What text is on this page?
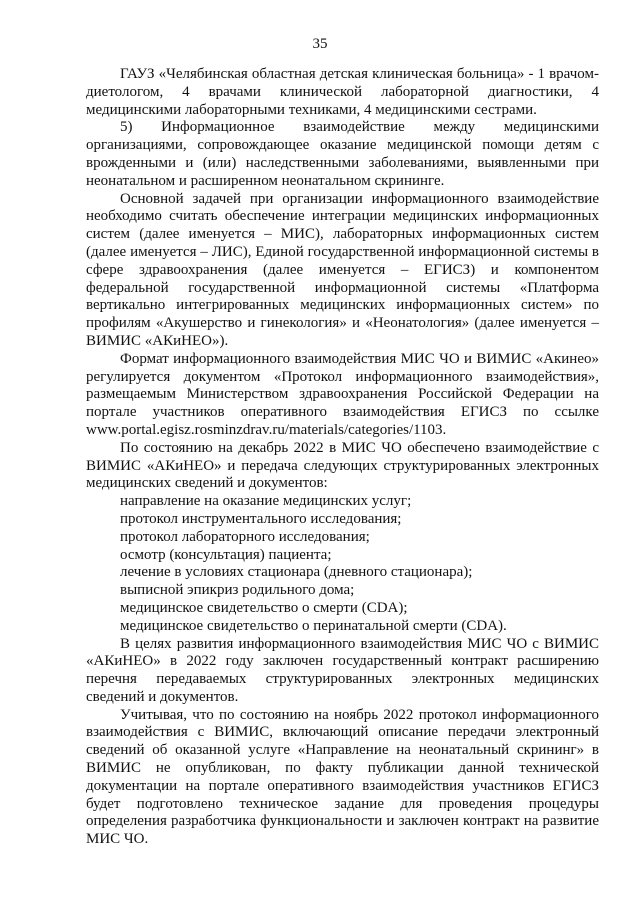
35

ГАУЗ «Челябинская областная детская клиническая больница» - 1 врачом-диетологом, 4 врачами клинической лабораторной диагностики, 4 медицинскими лабораторными техниками, 4 медицинскими сестрами.

5) Информационное взаимодействие между медицинскими организациями, сопровождающее оказание медицинской помощи детям с врожденными и (или) наследственными заболеваниями, выявленными при неонатальном и расширенном неонатальном скрининге.

Основной задачей при организации информационного взаимодействие необходимо считать обеспечение интеграции медицинских информационных систем (далее именуется – МИС), лабораторных информационных систем (далее именуется – ЛИС), Единой государственной информационной системы в сфере здравоохранения (далее именуется – ЕГИСЗ) и компонентом федеральной государственной информационной системы «Платформа вертикально интегрированных медицинских информационных систем» по профилям «Акушерство и гинекология» и «Неонатология» (далее именуется – ВИМИС «АКиНЕО»).

Формат информационного взаимодействия МИС ЧО и ВИМИС «Акинео» регулируется документом «Протокол информационного взаимодействия», размещаемым Министерством здравоохранения Российской Федерации на портале участников оперативного взаимодействия ЕГИСЗ по ссылке www.portal.egisz.rosminzdrav.ru/materials/categories/1103.

По состоянию на декабрь 2022 в МИС ЧО обеспечено взаимодействие с ВИМИС «АКиНЕО» и передача следующих структурированных электронных медицинских сведений и документов:

направление на оказание медицинских услуг;
протокол инструментального исследования;
протокол лабораторного исследования;
осмотр (консультация) пациента;
лечение в условиях стационара (дневного стационара);
выписной эпикриз родильного дома;
медицинское свидетельство о смерти (CDA);
медицинское свидетельство о перинатальной смерти (CDA).

В целях развития информационного взаимодействия МИС ЧО с ВИМИС «АКиНЕО» в 2022 году заключен государственный контракт расширению перечня передаваемых структурированных электронных медицинских сведений и документов.

Учитывая, что по состоянию на ноябрь 2022 протокол информационного взаимодействия с ВИМИС, включающий описание передачи электронный сведений об оказанной услуге «Направление на неонатальный скрининг» в ВИМИС не опубликован, по факту публикации данной технической документации на портале оперативного взаимодействия участников ЕГИСЗ будет подготовлено техническое задание для проведения процедуры определения разработчика функциональности и заключен контракт на развитие МИС ЧО.
